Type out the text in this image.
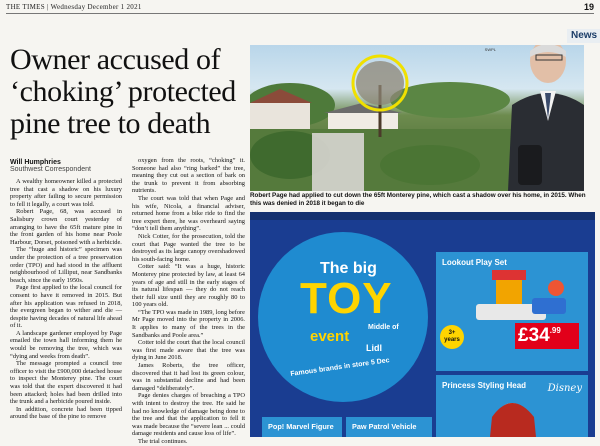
THE TIMES | Wednesday December 1 2021	19
News
Owner accused of ‘choking’ protected pine tree to death
Will Humphries
Southwest Correspondent

A wealthy homeowner killed a protected tree that cast a shadow on his luxury property after failing to secure permission to fell it legally, a court was told.

Robert Page, 68, was accused in Salisbury crown court yesterday of arranging to have the 65ft mature pine in the front garden of his home near Poole Harbour, Dorset, poisoned with a herbicide.

The “huge and historic” specimen was under the protection of a tree preservation order (TPO) and had stood in the affluent neighbourhood of Lilliput, near Sandbanks beach, since the early 1950s.

Page first applied to the local council for consent to have it removed in 2015. But after his application was refused in 2018, the evergreen began to wither and die — despite having decades of natural life ahead of it.

A landscape gardener employed by Page emailed the town hall informing them he would be removing the tree, which was “dying and weeks from death”.

The message prompted a council tree officer to visit the £900,000 detached house to inspect the Monterey pine. The court was told that the expert discovered it had been attacked; holes had been drilled into the trunk and a herbicide poured inside.

In addition, concrete had been tipped around the base of the pine to remove

oxygen from the roots, “choking” it. Someone had also “ring barked” the tree, meaning they cut out a section of bark on the trunk to prevent it from absorbing nutrients.

The court was told that when Page and his wife, Nicola, a financial adviser, returned home from a bike ride to find the tree expert there, he was overheard saying “don’t tell them anything”.

Nick Cotter, for the prosecution, told the court that Page wanted the tree to be destroyed as its large canopy overshadowed his south-facing home.

Cotter said: “It was a huge, historic Monterey pine protected by law, at least 64 years of age and still in the early stages of its natural lifespan — they do not reach their full size until they are roughly 80 to 100 years old.

“The TPO was made in 1989, long before Mr Page moved into the property in 2006. It applies to many of the trees in the Sandbanks and Poole area.”

Cotter told the court that the local council was first made aware that the tree was dying in June 2018.

James Roberts, the tree officer, discovered that it had lost its green colour, was in substantial decline and had been damaged “deliberately”.

Page denies charges of breaching a TPO with intent to destroy the tree. He said he had no knowledge of damage being done to the tree and that the application to fell it was made because the “severe lean ... could damage residents and cause loss of life”.

The trial continues.

SWPL
Robert Page had applied to cut down the 65ft Monterey pine, which cast a shadow over his home, in 2015. When this was denied in 2018 it began to die
The big
TOY
event
Middle of
Lidl
Famous brands in store 5 Dec
Lookout Play Set
3+ years	$£34^{.99}$
Princess Styling Head Disney
Pop! Marvel Figure	Paw Patrol Vehicle
